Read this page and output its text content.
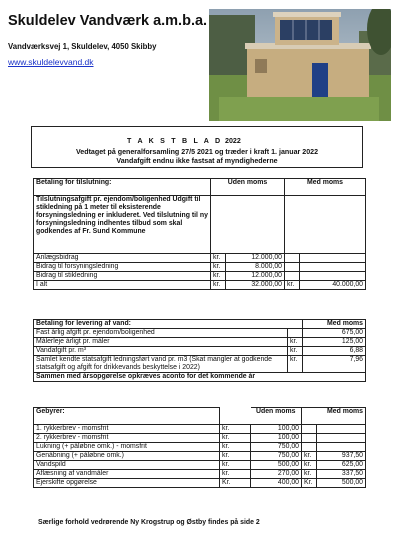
Skuldelev Vandværk a.m.b.a.
Vandværksvej 1, Skuldelev, 4050 Skibby
www.skuldelevvand.dk
T A K S T B L A D 2022
Vedtaget på generalforsamling 27/5 2021 og træder i kraft 1. januar 2022
Vandafgift endnu ikke fastsat af myndighederne
Betaling for tilslutning:	Uden moms		Med moms	
Tilslutningsafgift pr. ejendom/boligenhed Udgift til stikledning på 1 meter til eksisterende forsyningsledning er inkluderet. Ved tilslutning til ny forsyningsledning indhentes tilbud som skal godkendes af Fr. Sund Kommune				
Anlægsbidrag	kr.	12.000,00		
Bidrag til forsyningsledning	kr.	8.000,00		
Bidrag til stikledning	kr.	12.000,00		
I alt	kr.	32.000,00	kr.	40.000,00
Betaling for levering af vand:		Med moms
Fast årlig afgift pr. ejendom/boligenhed		675,00
Målerleje årligt pr. måler	kr.	125,00
Vandafgift pr. m³	kr.	6,88
Samlet kendte statsafgift ledningsført vand pr. m3 (Skat mangler at godkende statsafgift og afgift for drikkevands beskyttelse i 2022)	kr.	7,96
Sammen med årsopgørelse opkræves aconto for det kommende år		
Gebyrer:		Uden moms	Med moms	
1. rykkerbrev - momsfrit	kr.	100,00		
2. rykkerbrev - momsfrit	kr.	100,00		
Lukning (+ påløbne omk.) - momsfrit	kr.	750,00		
Genåbning (+ påløbne omk.)	kr.	750,00	kr.	937,50
Vandspild	kr.	500,00	kr.	625,00
Aflæsning af vandmåler	kr.	270,00	kr.	337,50
Ejerskifte opgørelse	Kr.	400,00	Kr.	500,00
Særlige forhold vedrørende Ny Krogstrup og Østby findes på side 2
